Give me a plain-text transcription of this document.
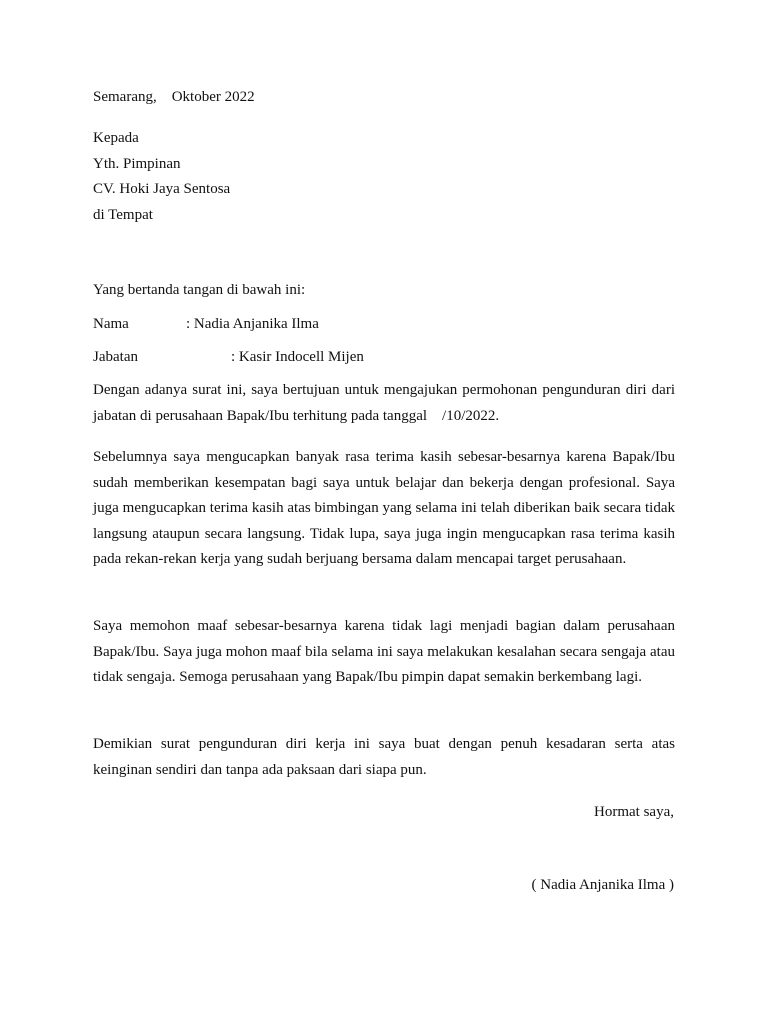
Semarang,    Oktober 2022
Kepada
Yth. Pimpinan
CV. Hoki Jaya Sentosa
di Tempat
Yang bertanda tangan di bawah ini:
Nama	: Nadia Anjanika Ilma
Jabatan	: Kasir Indocell Mijen
Dengan adanya surat ini, saya bertujuan untuk mengajukan permohonan pengunduran diri dari jabatan di perusahaan Bapak/Ibu terhitung pada tanggal    /10/2022.
Sebelumnya saya mengucapkan banyak rasa terima kasih sebesar-besarnya karena Bapak/Ibu sudah memberikan kesempatan bagi saya untuk belajar dan bekerja dengan profesional. Saya juga mengucapkan terima kasih atas bimbingan yang selama ini telah diberikan baik secara tidak langsung ataupun secara langsung. Tidak lupa, saya juga ingin mengucapkan rasa terima kasih pada rekan-rekan kerja yang sudah berjuang bersama dalam mencapai target perusahaan.
Saya memohon maaf sebesar-besarnya karena tidak lagi menjadi bagian dalam perusahaan Bapak/Ibu. Saya juga mohon maaf bila selama ini saya melakukan kesalahan secara sengaja atau tidak sengaja. Semoga perusahaan yang Bapak/Ibu pimpin dapat semakin berkembang lagi.
Demikian surat pengunduran diri kerja ini saya buat dengan penuh kesadaran serta atas keinginan sendiri dan tanpa ada paksaan dari siapa pun.
Hormat saya,
( Nadia Anjanika Ilma )
